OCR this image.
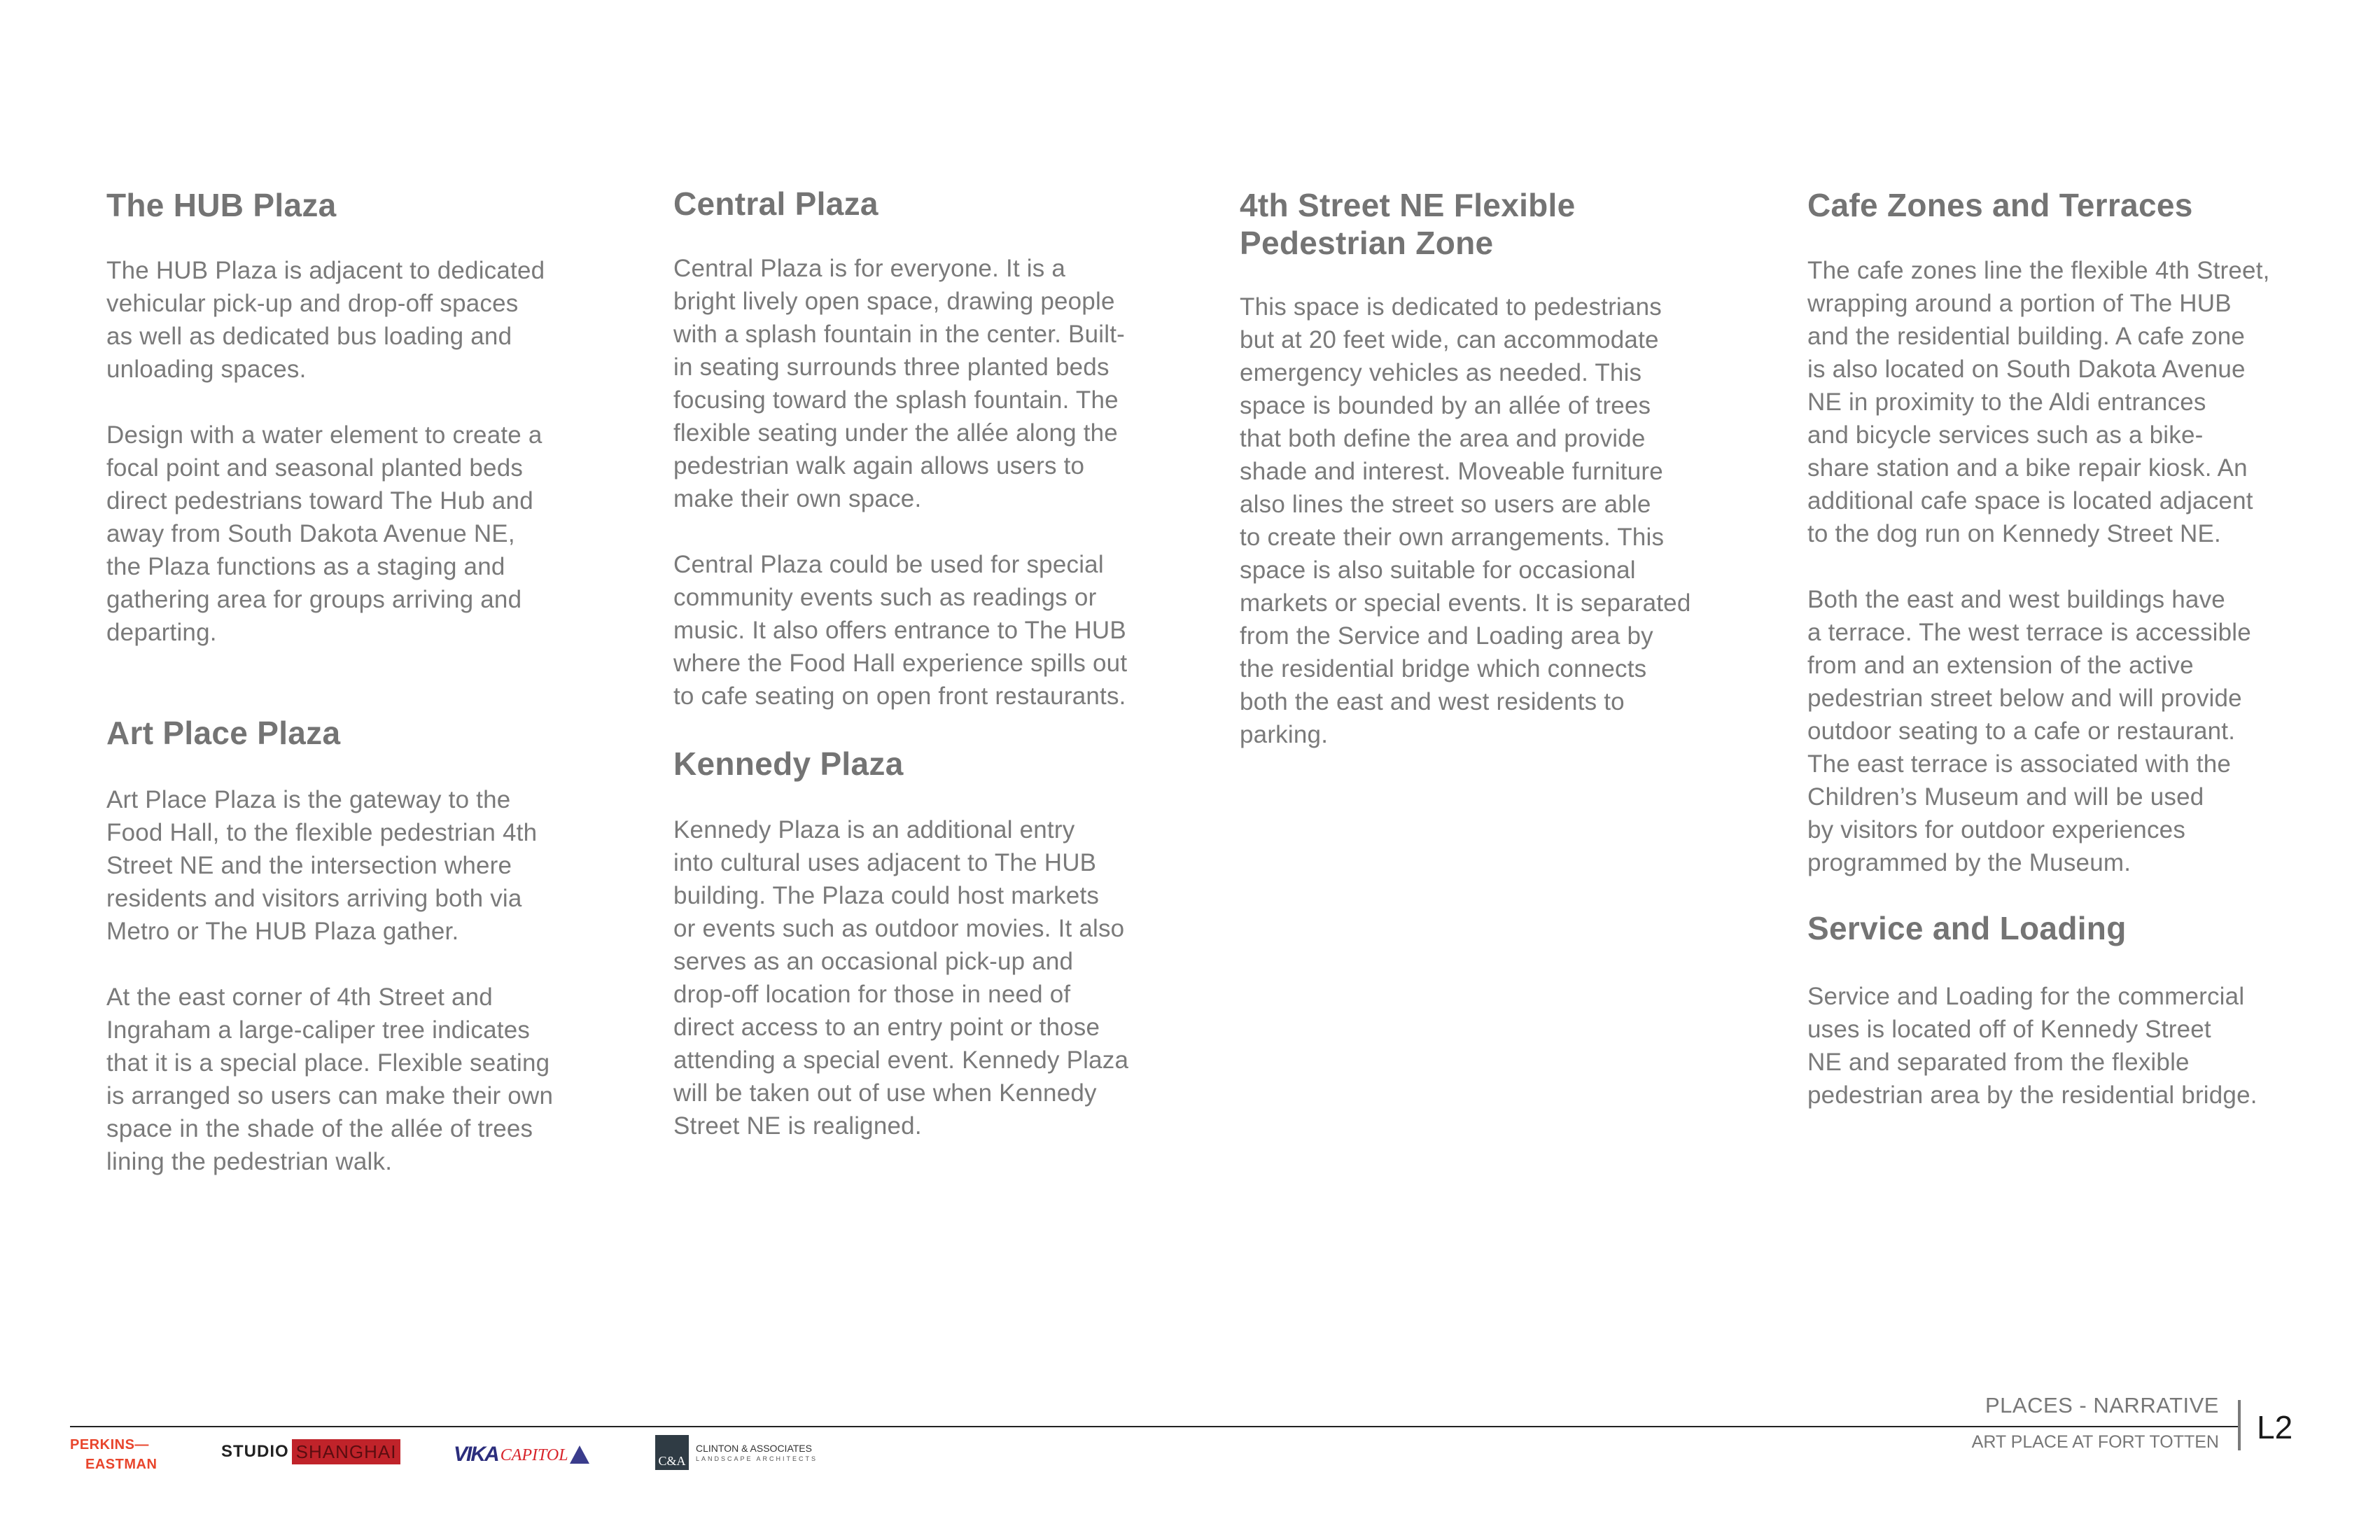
The HUB Plaza

The HUB Plaza is adjacent to dedicated
vehicular pick-up and drop-off spaces
as well as dedicated bus loading and
unloading spaces.

Design with a water element to create a
focal point and seasonal planted beds
direct pedestrians toward The Hub and
away from South Dakota Avenue NE,
the Plaza functions as a staging and
gathering area for groups arriving and
departing.

Art Place Plaza

Art Place Plaza is the gateway to the
Food Hall, to the flexible pedestrian 4th
Street NE and the intersection where
residents and visitors arriving both via
Metro or The HUB Plaza gather.

At the east corner of 4th Street and
Ingraham a large-caliper tree indicates
that it is a special place. Flexible seating
is arranged so users can make their own
space in the shade of the allée of trees
lining the pedestrian walk.

Central Plaza

Central Plaza is for everyone. It is a
bright lively open space, drawing people
with a splash fountain in the center. Built-
in seating surrounds three planted beds
focusing toward the splash fountain. The
flexible seating under the allée along the
pedestrian walk again allows users to
make their own space.

Central Plaza could be used for special
community events such as readings or
music. It also offers entrance to The HUB
where the Food Hall experience spills out
to cafe seating on open front restaurants.

Kennedy Plaza

Kennedy Plaza is an additional entry
into cultural uses adjacent to The HUB
building. The Plaza could host markets
or events such as outdoor movies. It also
serves as an occasional pick-up and
drop-off location for those in need of
direct access to an entry point or those
attending a special event. Kennedy Plaza
will be taken out of use when Kennedy
Street NE is realigned.

4th Street NE Flexible
Pedestrian Zone

This space is dedicated to pedestrians
but at 20 feet wide, can accommodate
emergency vehicles as needed. This
space is bounded by an allée of trees
that both define the area and provide
shade and interest. Moveable furniture
also lines the street so users are able
to create their own arrangements. This
space is also suitable for occasional
markets or special events. It is separated
from the Service and Loading area by
the residential bridge which connects
both the east and west residents to
parking.

Cafe Zones and Terraces

The cafe zones line the flexible 4th Street,
wrapping around a portion of The HUB
and the residential building. A cafe zone
is also located on South Dakota Avenue
NE in proximity to the Aldi entrances
and bicycle services such as a bike-
share station and a bike repair kiosk. An
additional cafe space is located adjacent
to the dog run on Kennedy Street NE.

Both the east and west buildings have
a terrace. The west terrace is accessible
from and an extension of the active
pedestrian street below and will provide
outdoor seating to a cafe or restaurant.
The east terrace is associated with the
Children’s Museum and will be used
by visitors for outdoor experiences
programmed by the Museum.

Service and Loading

Service and Loading for the commercial
uses is located off of Kennedy Street
NE and separated from the flexible
pedestrian area by the residential bridge.

PLACES - NARRATIVE
ART PLACE AT FORT TOTTEN L2
PERKINS—
EASTMAN
STUDIO SHANGHAI	VIKA CAPITOL	C&A
CLINTON & ASSOCIATES
LANDSCAPE ARCHITECTS
